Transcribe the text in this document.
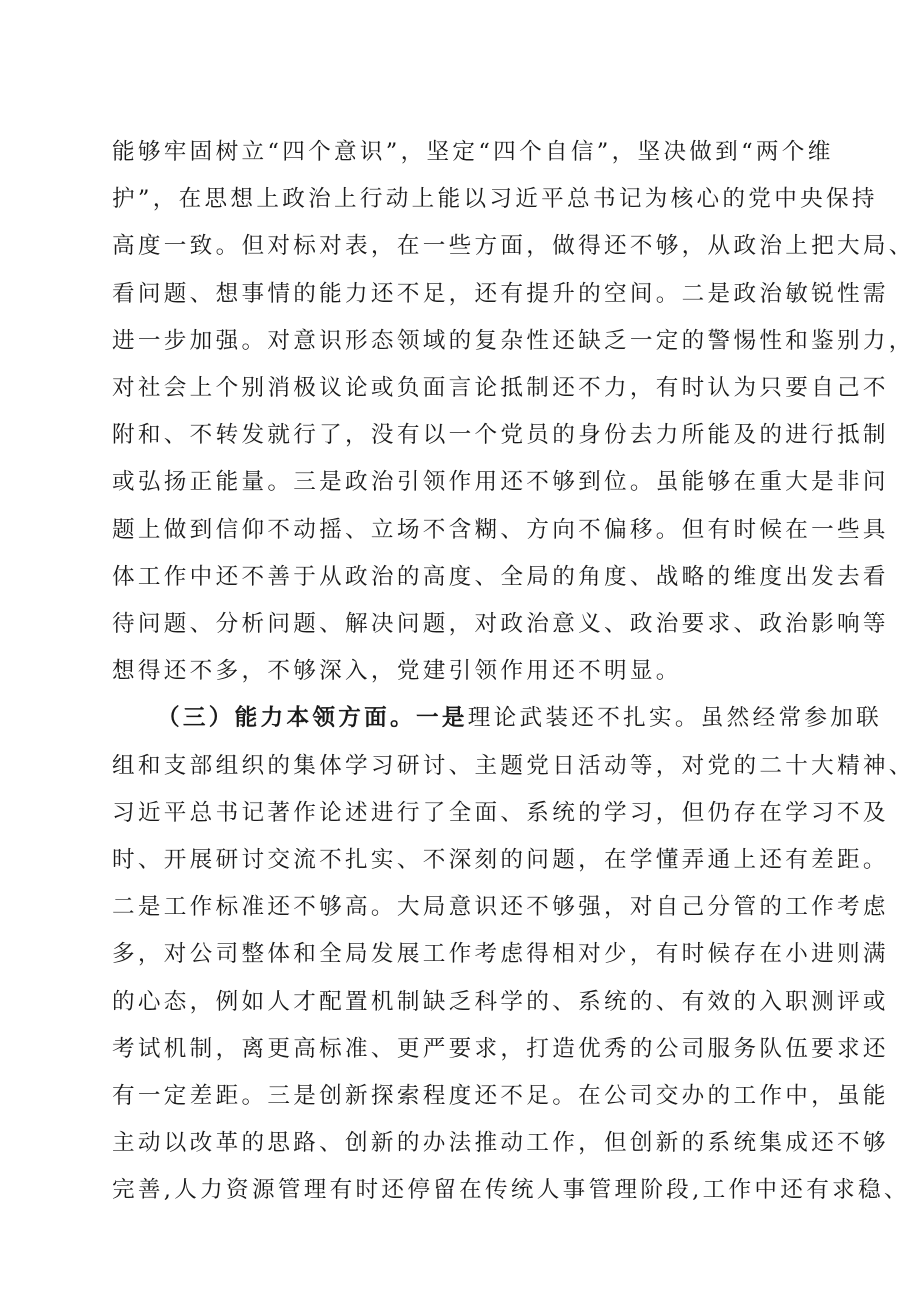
能够牢固树立“四个意识”，坚定“四个自信”，坚决做到“两个维
护”，在思想上政治上行动上能以习近平总书记为核心的党中央保持
高度一致。但对标对表，在一些方面，做得还不够，从政治上把大局、
看问题、想事情的能力还不足，还有提升的空间。二是政治敏锐性需
进一步加强。对意识形态领域的复杂性还缺乏一定的警惕性和鉴别力，
对社会上个别消极议论或负面言论抵制还不力，有时认为只要自己不
附和、不转发就行了，没有以一个党员的身份去力所能及的进行抵制
或弘扬正能量。三是政治引领作用还不够到位。虽能够在重大是非问
题上做到信仰不动摇、立场不含糊、方向不偏移。但有时候在一些具
体工作中还不善于从政治的高度、全局的角度、战略的维度出发去看
待问题、分析问题、解决问题，对政治意义、政治要求、政治影响等
想得还不多，不够深入，党建引领作用还不明显。
（三）能力本领方面。一是理论武装还不扎实。虽然经常参加联
组和支部组织的集体学习研讨、主题党日活动等，对党的二十大精神、
习近平总书记著作论述进行了全面、系统的学习，但仍存在学习不及
时、开展研讨交流不扎实、不深刻的问题，在学懂弄通上还有差距。
二是工作标准还不够高。大局意识还不够强，对自己分管的工作考虑
多，对公司整体和全局发展工作考虑得相对少，有时候存在小进则满
的心态，例如人才配置机制缺乏科学的、系统的、有效的入职测评或
考试机制，离更高标准、更严要求，打造优秀的公司服务队伍要求还
有一定差距。三是创新探索程度还不足。在公司交办的工作中，虽能
主动以改革的思路、创新的办法推动工作，但创新的系统集成还不够
完善,人力资源管理有时还停留在传统人事管理阶段,工作中还有求稳、
